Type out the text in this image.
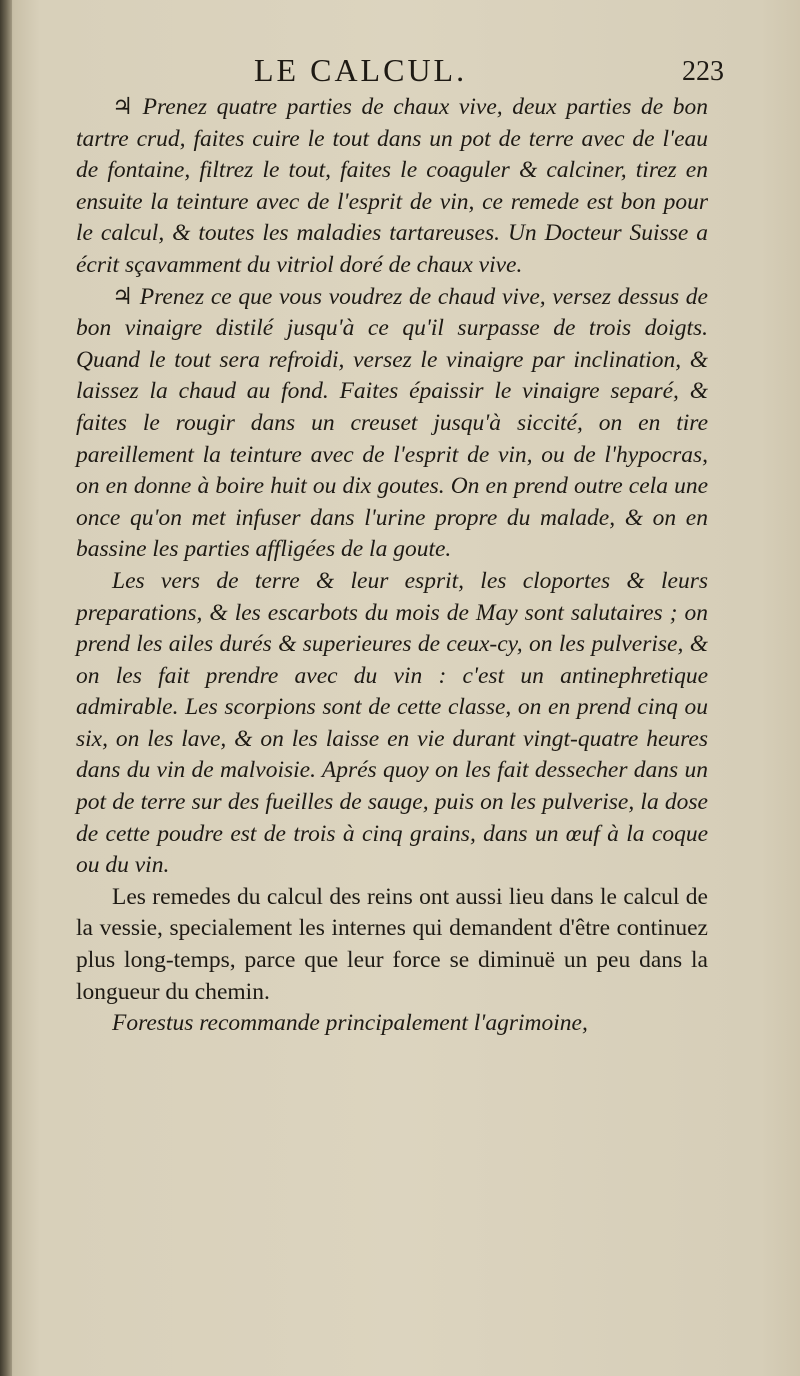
LE CALCUL.	223

♃ Prenez quatre parties de chaux vive, deux parties de bon tartre crud, faites cuire le tout dans un pot de terre avec de l'eau de fontaine, filtrez le tout, faites le coaguler & calciner, tirez en ensuite la teinture avec de l'esprit de vin, ce remede est bon pour le calcul, & toutes les maladies tartareuses. Un Docteur Suisse a écrit sçavamment du vitriol doré de chaux vive.

♃ Prenez ce que vous voudrez de chaud vive, versez dessus de bon vinaigre distilé jusqu'à ce qu'il surpasse de trois doigts. Quand le tout sera refroidi, versez le vinaigre par inclination, & laissez la chaud au fond. Faites épaissir le vinaigre separé, & faites le rougir dans un creuset jusqu'à siccité, on en tire pareillement la teinture avec de l'esprit de vin, ou de l'hypocras, on en donne à boire huit ou dix goutes. On en prend outre cela une once qu'on met infuser dans l'urine propre du malade, & on en bassine les parties affligées de la goute.

Les vers de terre & leur esprit, les cloportes & leurs preparations, & les escarbots du mois de May sont salutaires ; on prend les ailes durés & superieures de ceux-cy, on les pulverise, & on les fait prendre avec du vin : c'est un antinephretique admirable. Les scorpions sont de cette classe, on en prend cinq ou six, on les lave, & on les laisse en vie durant vingt-quatre heures dans du vin de malvoisie. Aprés quoy on les fait dessecher dans un pot de terre sur des fueilles de sauge, puis on les pulverise, la dose de cette poudre est de trois à cinq grains, dans un œuf à la coque ou du vin.

Les remedes du calcul des reins ont aussi lieu dans le calcul de la vessie, specialement les internes qui demandent d'être continuez plus long-temps, parce que leur force se diminuë un peu dans la longueur du chemin.

Forestus recommande principalement l'agrimoine,
